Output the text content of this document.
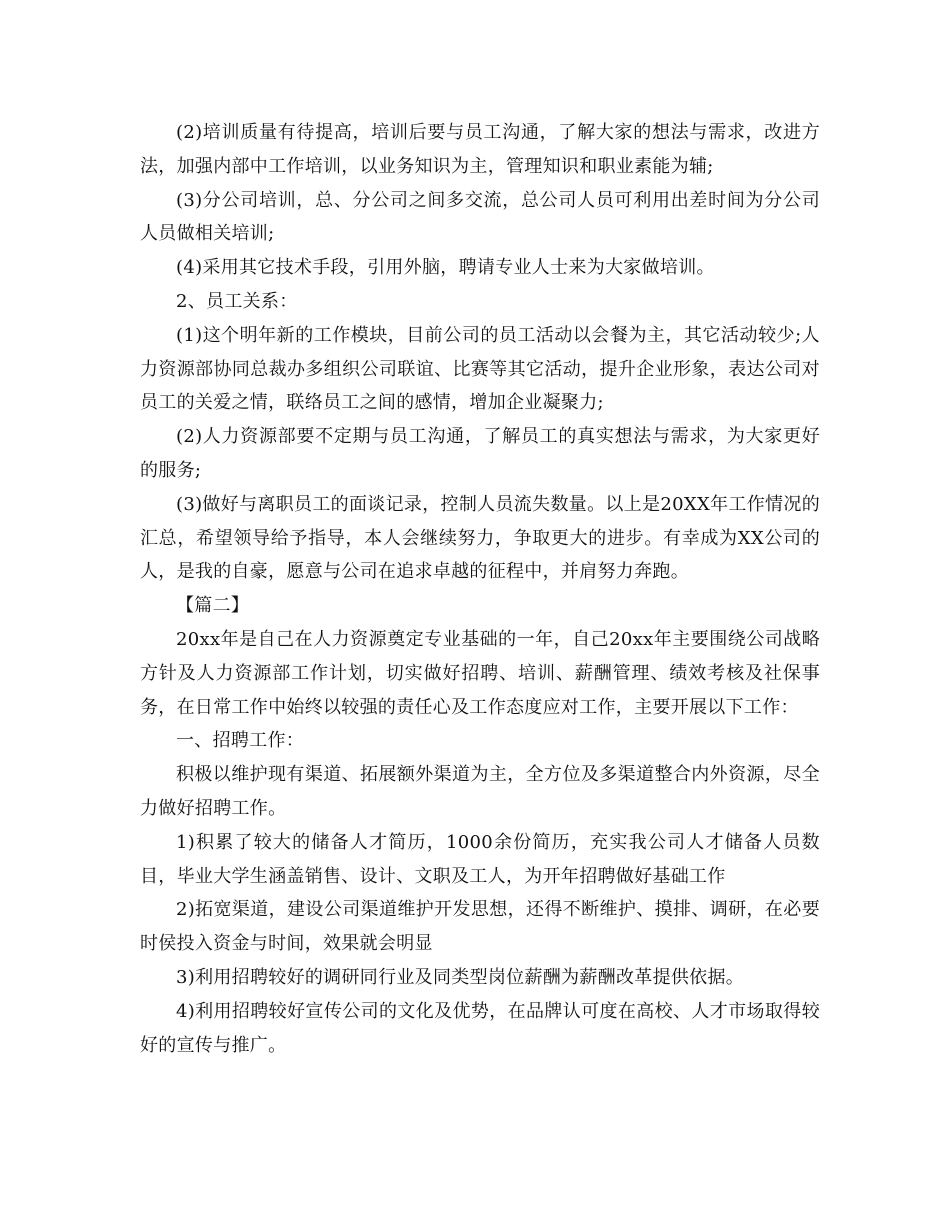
(2)培训质量有待提高，培训后要与员工沟通，了解大家的想法与需求，改进方法，加强内部中工作培训，以业务知识为主，管理知识和职业素能为辅;

(3)分公司培训，总、分公司之间多交流，总公司人员可利用出差时间为分公司人员做相关培训;

(4)采用其它技术手段，引用外脑，聘请专业人士来为大家做培训。

2、员工关系：

(1)这个明年新的工作模块，目前公司的员工活动以会餐为主，其它活动较少;人力资源部协同总裁办多组织公司联谊、比赛等其它活动，提升企业形象，表达公司对员工的关爱之情，联络员工之间的感情，增加企业凝聚力;

(2)人力资源部要不定期与员工沟通，了解员工的真实想法与需求，为大家更好的服务;

(3)做好与离职员工的面谈记录，控制人员流失数量。以上是20XX年工作情况的汇总，希望领导给予指导，本人会继续努力，争取更大的进步。有幸成为XX公司的人，是我的自豪，愿意与公司在追求卓越的征程中，并肩努力奔跑。

【篇二】

20xx年是自己在人力资源奠定专业基础的一年，自己20xx年主要围绕公司战略方针及人力资源部工作计划，切实做好招聘、培训、薪酬管理、绩效考核及社保事务，在日常工作中始终以较强的责任心及工作态度应对工作，主要开展以下工作：

一、招聘工作：

积极以维护现有渠道、拓展额外渠道为主，全方位及多渠道整合内外资源，尽全力做好招聘工作。

1)积累了较大的储备人才简历，1000余份简历，充实我公司人才储备人员数目，毕业大学生涵盖销售、设计、文职及工人，为开年招聘做好基础工作

2)拓宽渠道，建设公司渠道维护开发思想，还得不断维护、摸排、调研，在必要时侯投入资金与时间，效果就会明显

3)利用招聘较好的调研同行业及同类型岗位薪酬为薪酬改革提供依据。

4)利用招聘较好宣传公司的文化及优势，在品牌认可度在高校、人才市场取得较好的宣传与推广。
